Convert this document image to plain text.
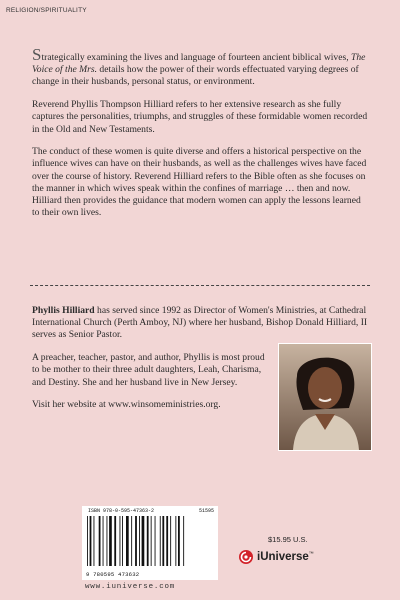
RELIGION/SPIRITUALITY

Strategically examining the lives and language of fourteen ancient biblical wives, The Voice of the Mrs. details how the power of their words effectuated varying degrees of change in their husbands, personal status, or environment.

Reverend Phyllis Thompson Hilliard refers to her extensive research as she fully captures the personalities, triumphs, and struggles of these formidable women recorded in the Old and New Testaments.

The conduct of these women is quite diverse and offers a historical perspective on the influence wives can have on their husbands, as well as the challenges wives have faced over the course of history. Reverend Hilliard refers to the Bible often as she focuses on the manner in which wives speak within the confines of marriage … then and now. Hilliard then provides the guidance that modern women can apply the lessons learned to their own lives.

Phyllis Hilliard has served since 1992 as Director of Women's Ministries, at Cathedral International Church (Perth Amboy, NJ) where her husband, Bishop Donald Hilliard, II serves as Senior Pastor.

A preacher, teacher, pastor, and author, Phyllis is most proud to be mother to their three adult daughters, Leah, Charisma, and Destiny. She and her husband live in New Jersey.

Visit her website at www.winsomeministries.org.

ISBN 978-0-595-47363-2	51595
9 780595 473632
www.iuniverse.com
$15.95 U.S.
iUniverse™
